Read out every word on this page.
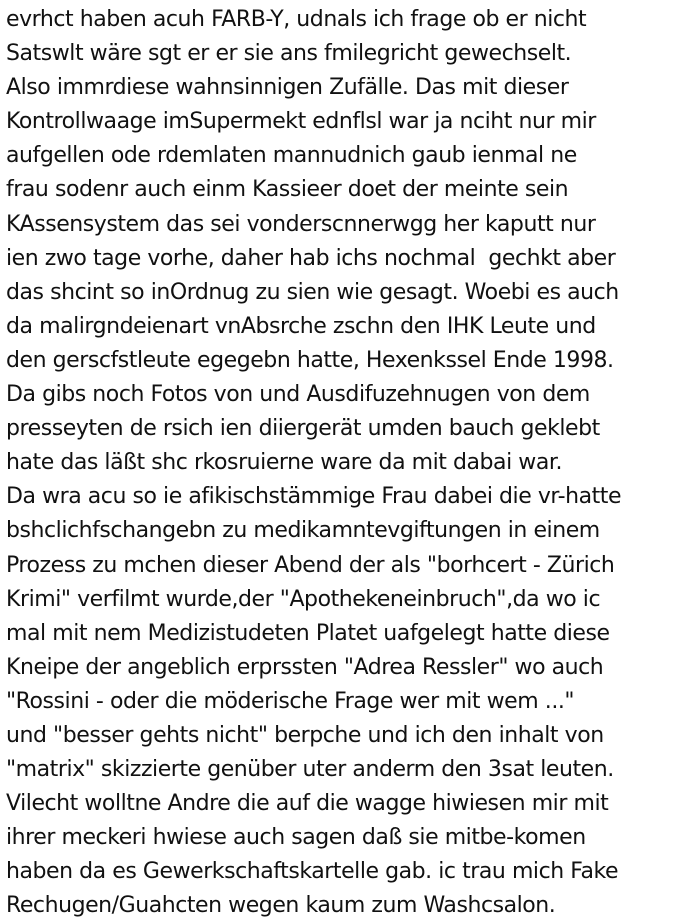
evrhct haben acuh FARB-Y, udnals ich frage ob er nicht
Satswlt wäre sgt er er sie ans fmilegricht gewechselt.
Also immrdiese wahnsinnigen Zufälle. Das mit dieser
Kontrollwaage imSupermekt ednflsl war ja nciht nur mir
aufgellen ode rdemlaten mannudnich gaub ienmal ne
frau sodenr auch einm Kassieer doet der meinte sein
KAssensystem das sei vonderscnnerwgg her kaputt nur
ien zwo tage vorhe, daher hab ichs nochmal  gechkt aber
das shcint so inOrdnug zu sien wie gesagt. Woebi es auch
da malirgndeienart vnAbsrche zschn den IHK Leute und
den gerscfstleute egegebn hatte, Hexenkssel Ende 1998.
Da gibs noch Fotos von und Ausdifuzehnugen von dem
presseyten de rsich ien diiergerät umden bauch geklebt
hate das läßt shc rkosruierne ware da mit dabai war.
Da wra acu so ie afikischstämmige Frau dabei die vr-hatte
bshclichfschangebn zu medikamntevgiftungen in einem
Prozess zu mchen dieser Abend der als "borhcert - Zürich
Krimi" verfilmt wurde,der "Apothekeneinbruch",da wo ic
mal mit nem Medizistudeten Platet uafgelegt hatte diese
Kneipe der angeblich erprssten "Adrea Ressler" wo auch
"Rossini - oder die möderische Frage wer mit wem ..."
und "besser gehts nicht" berpche und ich den inhalt von
"matrix" skizzierte genüber uter anderm den 3sat leuten.
Vilecht wolltne Andre die auf die wagge hiwiesen mir mit
ihrer meckeri hwiese auch sagen daß sie mitbe-komen
haben da es Gewerkschaftskartelle gab. ic trau mich Fake
Rechugen/Guahcten wegen kaum zum Washcsalon.
